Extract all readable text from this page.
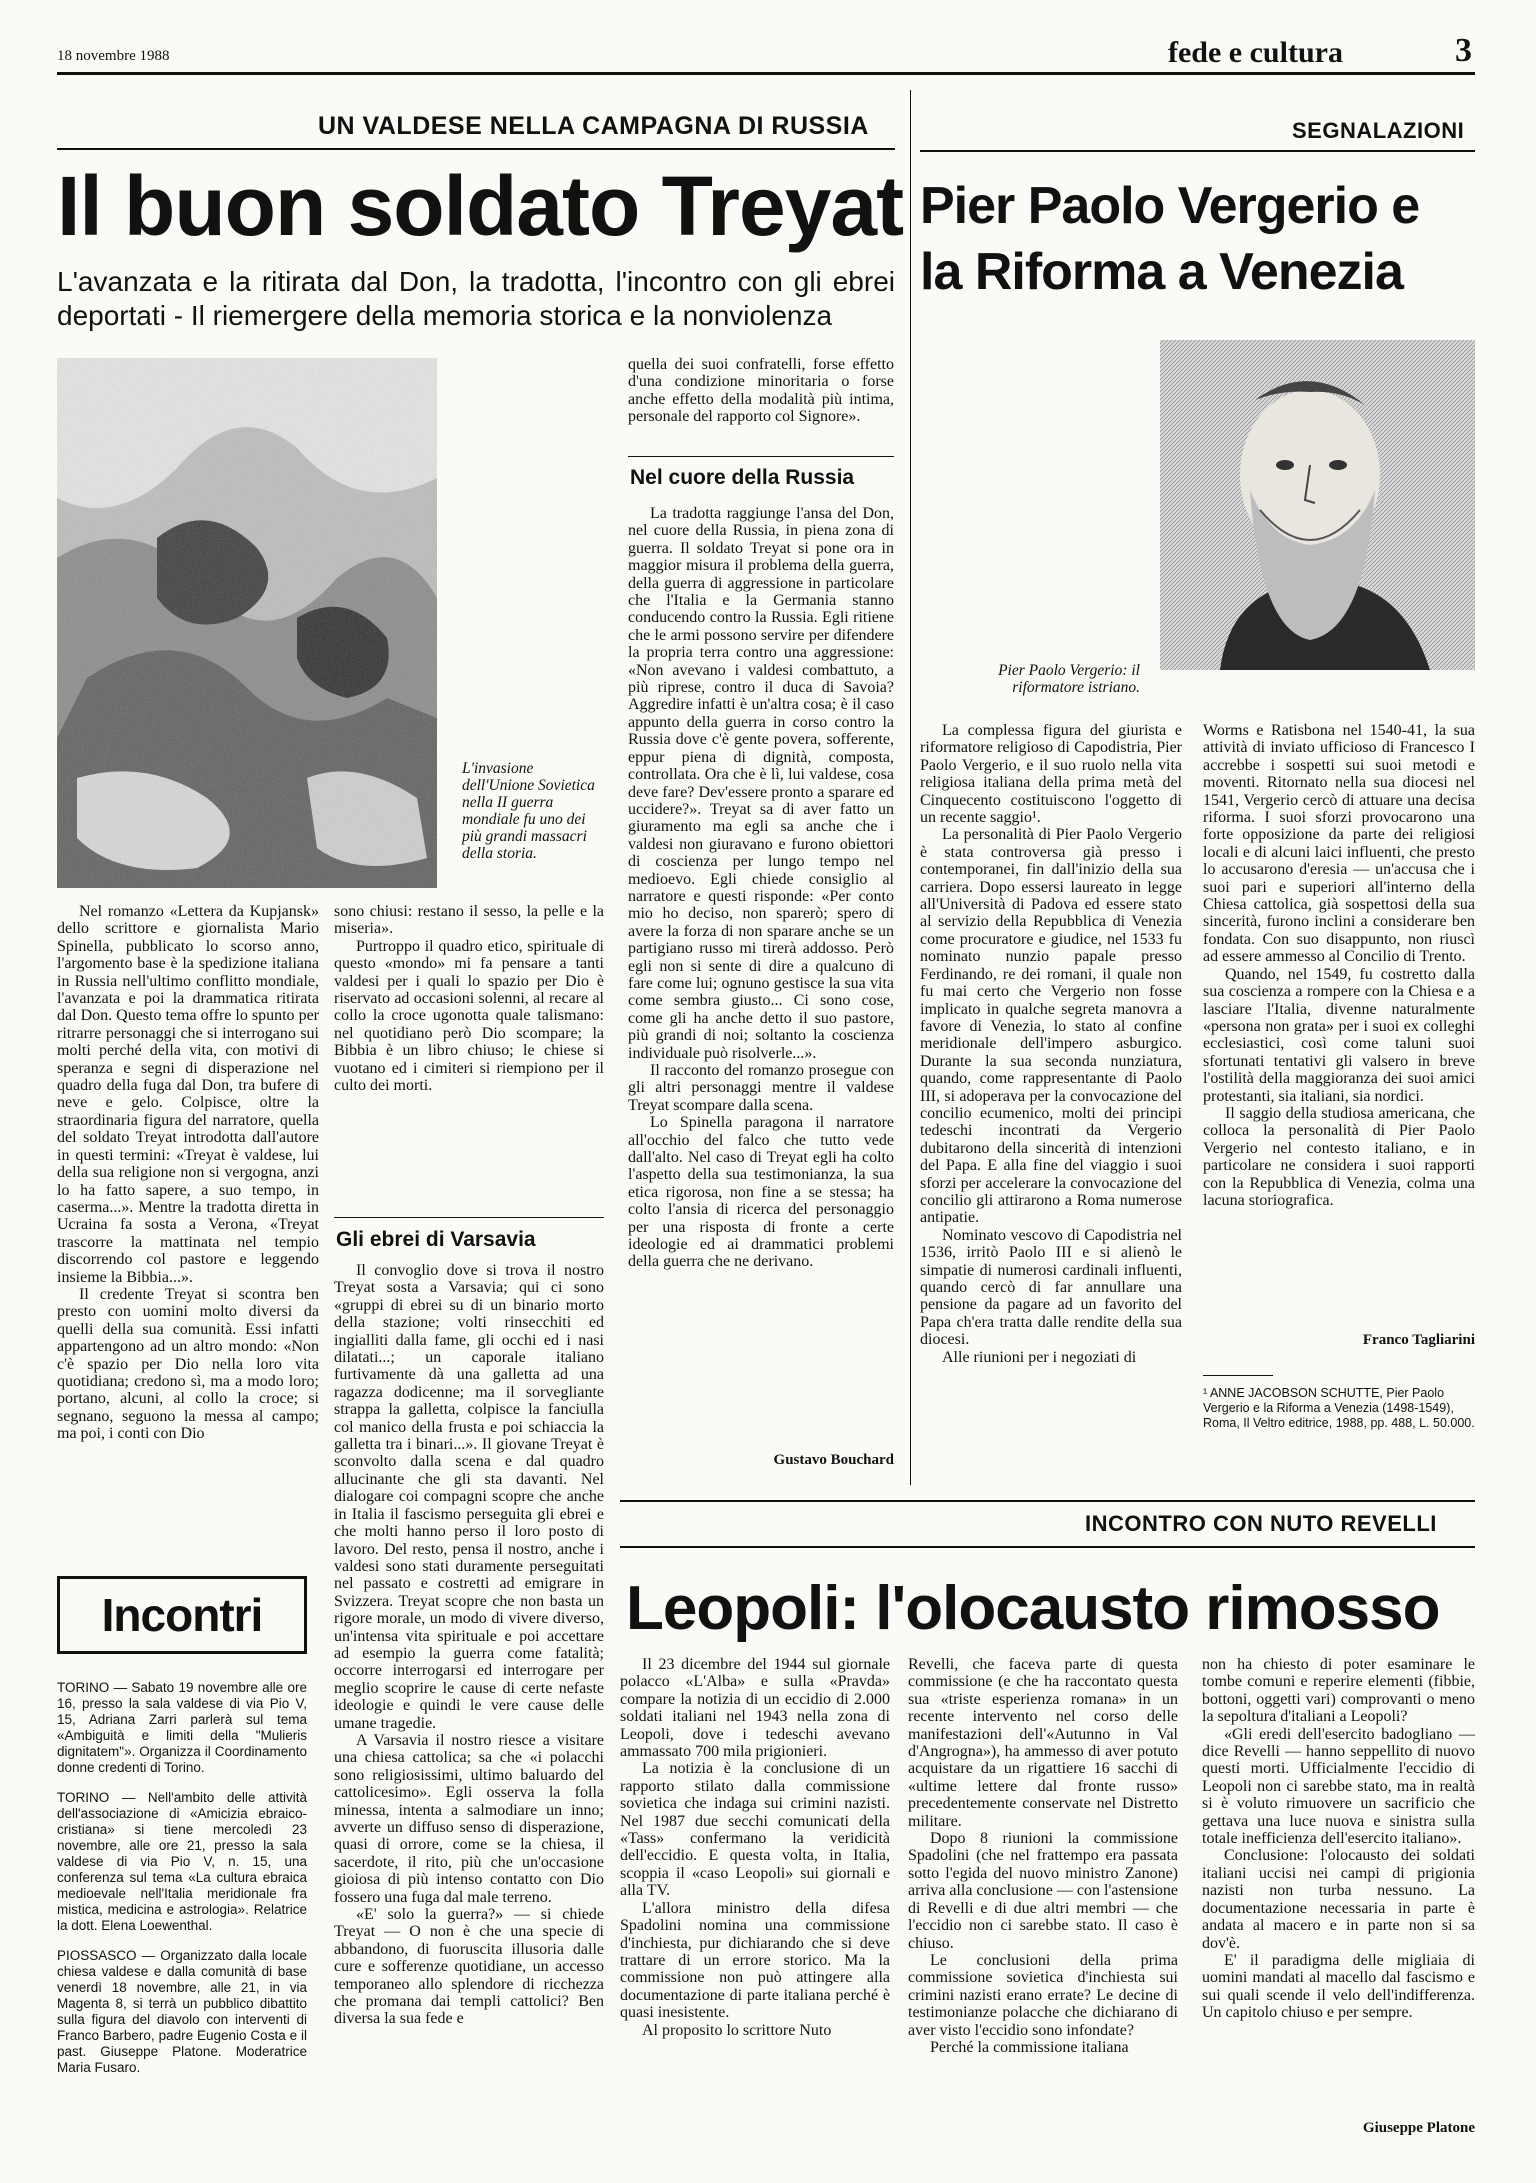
18 novembre 1988	fede e cultura	3
UN VALDESE NELLA CAMPAGNA DI RUSSIA
Il buon soldato Treyat
L'avanzata e la ritirata dal Don, la tradotta, l'incontro con gli ebrei deportati - Il riemergere della memoria storica e la nonviolenza
L'invasione dell'Unione Sovietica nella II guerra mondiale fu uno dei più grandi massacri della storia.

Nel romanzo «Lettera da Kupjansk» dello scrittore e giornalista Mario Spinella, pubblicato lo scorso anno, l'argomento base è la spedizione italiana in Russia nell'ultimo conflitto mondiale, l'avanzata e poi la drammatica ritirata dal Don. Questo tema offre lo spunto per ritrarre personaggi che si interrogano sui molti perché della vita, con motivi di speranza e segni di disperazione nel quadro della fuga dal Don, tra bufere di neve e gelo. Colpisce, oltre la straordinaria figura del narratore, quella del soldato Treyat introdotta dall'autore in questi termini: «Treyat è valdese, lui della sua religione non si vergogna, anzi lo ha fatto sapere, a suo tempo, in caserma...». Mentre la tradotta diretta in Ucraina fa sosta a Verona, «Treyat trascorre la mattinata nel tempio discorrendo col pastore e leggendo insieme la Bibbia...».

Il credente Treyat si scontra ben presto con uomini molto diversi da quelli della sua comunità. Essi infatti appartengono ad un altro mondo: «Non c'è spazio per Dio nella loro vita quotidiana; credono sì, ma a modo loro; portano, alcuni, al collo la croce; si segnano, seguono la messa al campo; ma poi, i conti con Dio

sono chiusi: restano il sesso, la pelle e la miseria».

Purtroppo il quadro etico, spirituale di questo «mondo» mi fa pensare a tanti valdesi per i quali lo spazio per Dio è riservato ad occasioni solenni, al recare al collo la croce ugonotta quale talismano: nel quotidiano però Dio scompare; la Bibbia è un libro chiuso; le chiese si vuotano ed i cimiteri si riempiono per il culto dei morti.

Gli ebrei di Varsavia

Il convoglio dove si trova il nostro Treyat sosta a Varsavia; qui ci sono «gruppi di ebrei su di un binario morto della stazione; volti rinsecchiti ed ingialliti dalla fame, gli occhi ed i nasi dilatati...; un caporale italiano furtivamente dà una galletta ad una ragazza dodicenne; ma il sorvegliante strappa la galletta, colpisce la fanciulla col manico della frusta e poi schiaccia la galletta tra i binari...». Il giovane Treyat è sconvolto dalla scena e dal quadro allucinante che gli sta davanti. Nel dialogare coi compagni scopre che anche in Italia il fascismo perseguita gli ebrei e che molti hanno perso il loro posto di lavoro. Del resto, pensa il nostro, anche i valdesi sono stati duramente perseguitati nel passato e costretti ad emigrare in Svizzera. Treyat scopre che non basta un rigore morale, un modo di vivere diverso, un'intensa vita spirituale e poi accettare ad esempio la guerra come fatalità; occorre interrogarsi ed interrogare per meglio scoprire le cause di certe nefaste ideologie e quindi le vere cause delle umane tragedie.

A Varsavia il nostro riesce a visitare una chiesa cattolica; sa che «i polacchi sono religiosissimi, ultimo baluardo del cattolicesimo». Egli osserva la folla minessa, intenta a salmodiare un inno; avverte un diffuso senso di disperazione, quasi di orrore, come se la chiesa, il sacerdote, il rito, più che un'occasione gioiosa di più intenso contatto con Dio fossero una fuga dal male terreno.

«E' solo la guerra?» — si chiede Treyat — O non è che una specie di abbandono, di fuoruscita illusoria dalle cure e sofferenze quotidiane, un accesso temporaneo allo splendore di ricchezza che promana dai templi cattolici? Ben diversa la sua fede e

quella dei suoi confratelli, forse effetto d'una condizione minoritaria o forse anche effetto della modalità più intima, personale del rapporto col Signore».

Nel cuore della Russia

La tradotta raggiunge l'ansa del Don, nel cuore della Russia, in piena zona di guerra. Il soldato Treyat si pone ora in maggior misura il problema della guerra, della guerra di aggressione in particolare che l'Italia e la Germania stanno conducendo contro la Russia. Egli ritiene che le armi possono servire per difendere la propria terra contro una aggressione: «Non avevano i valdesi combattuto, a più riprese, contro il duca di Savoia? Aggredire infatti è un'altra cosa; è il caso appunto della guerra in corso contro la Russia dove c'è gente povera, sofferente, eppur piena di dignità, composta, controllata. Ora che è lì, lui valdese, cosa deve fare? Dev'essere pronto a sparare ed uccidere?». Treyat sa di aver fatto un giuramento ma egli sa anche che i valdesi non giuravano e furono obiettori di coscienza per lungo tempo nel medioevo. Egli chiede consiglio al narratore e questi risponde: «Per conto mio ho deciso, non sparerò; spero di avere la forza di non sparare anche se un partigiano russo mi tirerà addosso. Però egli non si sente di dire a qualcuno di fare come lui; ognuno gestisce la sua vita come sembra giusto... Ci sono cose, come gli ha anche detto il suo pastore, più grandi di noi; soltanto la coscienza individuale può risolverle...».

Il racconto del romanzo prosegue con gli altri personaggi mentre il valdese Treyat scompare dalla scena.

Lo Spinella paragona il narratore all'occhio del falco che tutto vede dall'alto. Nel caso di Treyat egli ha colto l'aspetto della sua testimonianza, la sua etica rigorosa, non fine a se stessa; ha colto l'ansia di ricerca del personaggio per una risposta di fronte a certe ideologie ed ai drammatici problemi della guerra che ne derivano.

Gustavo Bouchard
SEGNALAZIONI
Pier Paolo Vergerio e
la Riforma a Venezia
Pier Paolo Vergerio: il riformatore istriano.

La complessa figura del giurista e riformatore religioso di Capodistria, Pier Paolo Vergerio, e il suo ruolo nella vita religiosa italiana della prima metà del Cinquecento costituiscono l'oggetto di un recente saggio¹.

La personalità di Pier Paolo Vergerio è stata controversa già presso i contemporanei, fin dall'inizio della sua carriera. Dopo essersi laureato in legge all'Università di Padova ed essere stato al servizio della Repubblica di Venezia come procuratore e giudice, nel 1533 fu nominato nunzio papale presso Ferdinando, re dei romani, il quale non fu mai certo che Vergerio non fosse implicato in qualche segreta manovra a favore di Venezia, lo stato al confine meridionale dell'impero asburgico. Durante la sua seconda nunziatura, quando, come rappresentante di Paolo III, si adoperava per la convocazione del concilio ecumenico, molti dei principi tedeschi incontrati da Vergerio dubitarono della sincerità di intenzioni del Papa. E alla fine del viaggio i suoi sforzi per accelerare la convocazione del concilio gli attirarono a Roma numerose antipatie.

Nominato vescovo di Capodistria nel 1536, irritò Paolo III e si alienò le simpatie di numerosi cardinali influenti, quando cercò di far annullare una pensione da pagare ad un favorito del Papa ch'era tratta dalle rendite della sua diocesi.

Alle riunioni per i negoziati di

Worms e Ratisbona nel 1540-41, la sua attività di inviato ufficioso di Francesco I accrebbe i sospetti sui suoi metodi e moventi. Ritornato nella sua diocesi nel 1541, Vergerio cercò di attuare una decisa riforma. I suoi sforzi provocarono una forte opposizione da parte dei religiosi locali e di alcuni laici influenti, che presto lo accusarono d'eresia — un'accusa che i suoi pari e superiori all'interno della Chiesa cattolica, già sospettosi della sua sincerità, furono inclini a considerare ben fondata. Con suo disappunto, non riuscì ad essere ammesso al Concilio di Trento.

Quando, nel 1549, fu costretto dalla sua coscienza a rompere con la Chiesa e a lasciare l'Italia, divenne naturalmente «persona non grata» per i suoi ex colleghi ecclesiastici, così come taluni suoi sfortunati tentativi gli valsero in breve l'ostilità della maggioranza dei suoi amici protestanti, sia italiani, sia nordici.

Il saggio della studiosa americana, che colloca la personalità di Pier Paolo Vergerio nel contesto italiano, e in particolare ne considera i suoi rapporti con la Repubblica di Venezia, colma una lacuna storiografica.

Franco Tagliarini
¹ ANNE JACOBSON SCHUTTE, Pier Paolo Vergerio e la Riforma a Venezia (1498-1549), Roma, Il Veltro editrice, 1988, pp. 488, L. 50.000.
INCONTRO CON NUTO REVELLI
Leopoli: l'olocausto rimosso
Incontri

TORINO — Sabato 19 novembre alle ore 16, presso la sala valdese di via Pio V, 15, Adriana Zarri parlerà sul tema «Ambiguità e limiti della "Mulieris dignitatem"». Organizza il Coordinamento donne credenti di Torino.

TORINO — Nell'ambito delle attività dell'associazione di «Amicizia ebraico-cristiana» si tiene mercoledì 23 novembre, alle ore 21, presso la sala valdese di via Pio V, n. 15, una conferenza sul tema «La cultura ebraica medioevale nell'Italia meridionale fra mistica, medicina e astrologia». Relatrice la dott. Elena Loewenthal.

PIOSSASCO — Organizzato dalla locale chiesa valdese e dalla comunità di base venerdì 18 novembre, alle 21, in via Magenta 8, si terrà un pubblico dibattito sulla figura del diavolo con interventi di Franco Barbero, padre Eugenio Costa e il past. Giuseppe Platone. Moderatrice Maria Fusaro.

Il 23 dicembre del 1944 sul giornale polacco «L'Alba» e sulla «Pravda» compare la notizia di un eccidio di 2.000 soldati italiani nel 1943 nella zona di Leopoli, dove i tedeschi avevano ammassato 700 mila prigionieri.

La notizia è la conclusione di un rapporto stilato dalla commissione sovietica che indaga sui crimini nazisti. Nel 1987 due secchi comunicati della «Tass» confermano la veridicità dell'eccidio. E questa volta, in Italia, scoppia il «caso Leopoli» sui giornali e alla TV.

L'allora ministro della difesa Spadolini nomina una commissione d'inchiesta, pur dichiarando che si deve trattare di un errore storico. Ma la commissione non può attingere alla documentazione di parte italiana perché è quasi inesistente.

Al proposito lo scrittore Nuto

Revelli, che faceva parte di questa commissione (e che ha raccontato questa sua «triste esperienza romana» in un recente intervento nel corso delle manifestazioni dell'«Autunno in Val d'Angrogna»), ha ammesso di aver potuto acquistare da un rigattiere 16 sacchi di «ultime lettere dal fronte russo» precedentemente conservate nel Distretto militare.

Dopo 8 riunioni la commissione Spadolini (che nel frattempo era passata sotto l'egida del nuovo ministro Zanone) arriva alla conclusione — con l'astensione di Revelli e di due altri membri — che l'eccidio non ci sarebbe stato. Il caso è chiuso.

Le conclusioni della prima commissione sovietica d'inchiesta sui crimini nazisti erano errate? Le decine di testimonianze polacche che dichiarano di aver visto l'eccidio sono infondate?

Perché la commissione italiana

non ha chiesto di poter esaminare le tombe comuni e reperire elementi (fibbie, bottoni, oggetti vari) comprovanti o meno la sepoltura d'italiani a Leopoli?

«Gli eredi dell'esercito badogliano — dice Revelli — hanno seppellito di nuovo questi morti. Ufficialmente l'eccidio di Leopoli non ci sarebbe stato, ma in realtà si è voluto rimuovere un sacrificio che gettava una luce nuova e sinistra sulla totale inefficienza dell'esercito italiano».

Conclusione: l'olocausto dei soldati italiani uccisi nei campi di prigionia nazisti non turba nessuno. La documentazione necessaria in parte è andata al macero e in parte non si sa dov'è.

E' il paradigma delle migliaia di uomini mandati al macello dal fascismo e sui quali scende il velo dell'indifferenza. Un capitolo chiuso e per sempre.

Giuseppe Platone
